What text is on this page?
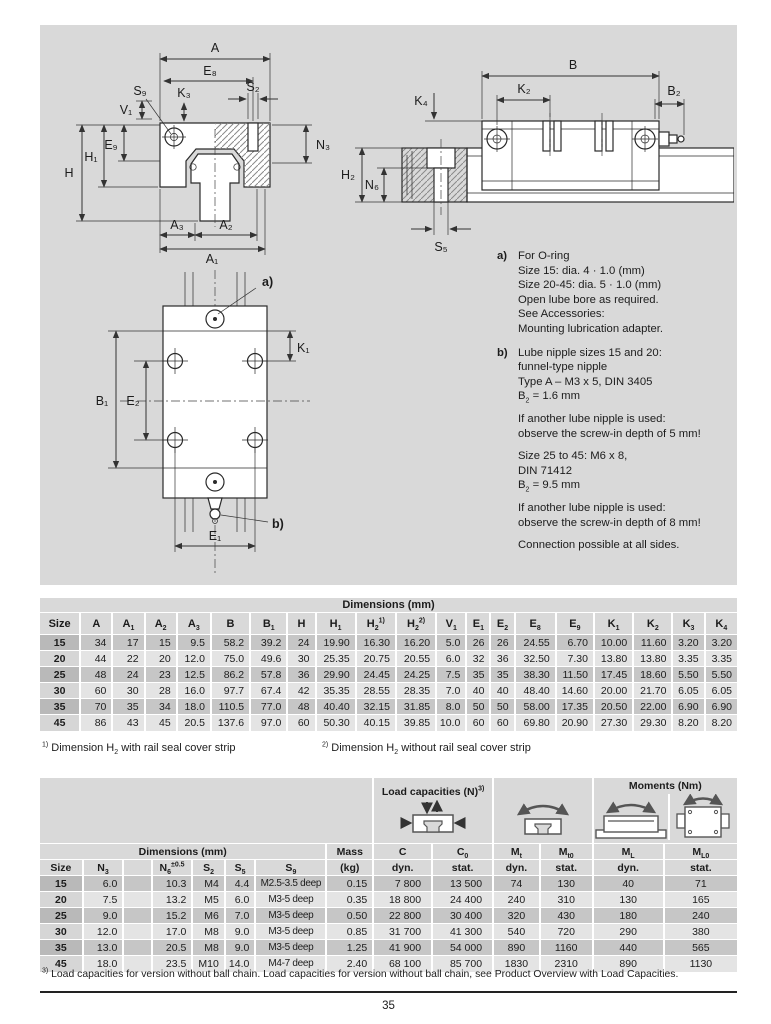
A
E₈
S₉
V₁
K₃	S₂
N₃
E₉
H₁
H
A₃	A₂
A₁
B
K₂	B₂
K₄
H₂
N₆
S₅
a)
b)
K₁
B₁ E₂
E₁
a) For O-ring
Size 15: dia. 4 · 1.0 (mm)
Size 20-45: dia. 5 · 1.0 (mm)
Open lube bore as required.
See Accessories:
Mounting lubrication adapter.
b) Lube nipple sizes 15 and 20:
funnel-type nipple
Type A – M3 x 5, DIN 3405
$B_2 = 1.6$ mm
If another lube nipple is used:
observe the screw-in depth of 5 mm!
Size 25 to 45: M6 x 8,
DIN 71412
$B_2 = 9.5$ mm
If another lube nipple is used:
observe the screw-in depth of 8 mm!
Connection possible at all sides.
Dimensions (mm)																			
Size	A	$A_1$	$A_2$	$A_3$	B	$B_1$	H	$H_1$	$H_2^{1)}$	$H_2^{2)}$	$V_1$	$E_1$	$E_2$	$E_8$	$E_9$	$K_1$	$K_2$	$K_3$	$K_4$
15	34	17	15	9.5	58.2	39.2	24	19.90	16.30	16.20	5.0	26	26	24.55	6.70	10.00	11.60	3.20	3.20
20	44	22	20	12.0	75.0	49.6	30	25.35	20.75	20.55	6.0	32	36	32.50	7.30	13.80	13.80	3.35	3.35
25	48	24	23	12.5	86.2	57.8	36	29.90	24.45	24.25	7.5	35	35	38.30	11.50	17.45	18.60	5.50	5.50
30	60	30	28	16.0	97.7	67.4	42	35.35	28.55	28.35	7.0	40	40	48.40	14.60	20.00	21.70	6.05	6.05
35	70	35	34	18.0	110.5	77.0	48	40.40	32.15	31.85	8.0	50	50	58.00	17.35	20.50	22.00	6.90	6.90
45	86	43	45	20.5	137.6	97.0	60	50.30	40.15	39.85	10.0	60	60	69.80	20.90	27.30	29.30	8.20	8.20
$^{1)}$ Dimension $H_2$ with rail seal cover strip	$^{2)}$ Dimension $H_2$ without rail seal cover strip

								Load capacities $(N)^{3)}$				Moments (Nm)	

Dimensions (mm)							Mass	C	$C_0$	$M_t$	$M_{t0}$	$M_L$	$M_{L0}$
Size	$N_3$		$N_6^{\pm 0.5}$	$S_2$	$S_5$	$S_9$	(kg)	dyn.	stat.	dyn.	stat.	dyn.	stat.
15	6.0		10.3	M4	4.4	M2.5-3.5 deep	0.15	7 800	13 500	74	130	40	71
20	7.5		13.2	M5	6.0	M3-5 deep	0.35	18 800	24 400	240	310	130	165
25	9.0		15.2	M6	7.0	M3-5 deep	0.50	22 800	30 400	320	430	180	240
30	12.0		17.0	M8	9.0	M3-5 deep	0.85	31 700	41 300	540	720	290	380
35	13.0		20.5	M8	9.0	M3-5 deep	1.25	41 900	54 000	890	1160	440	565
45	18.0		23.5	M10	14.0	M4-7 deep	2.40	68 100	85 700	1830	2310	890	1130
$^{3)}$ Load capacities for version without ball chain. Load capacities for version without ball chain, see Product Overview with Load Capacities.
35
